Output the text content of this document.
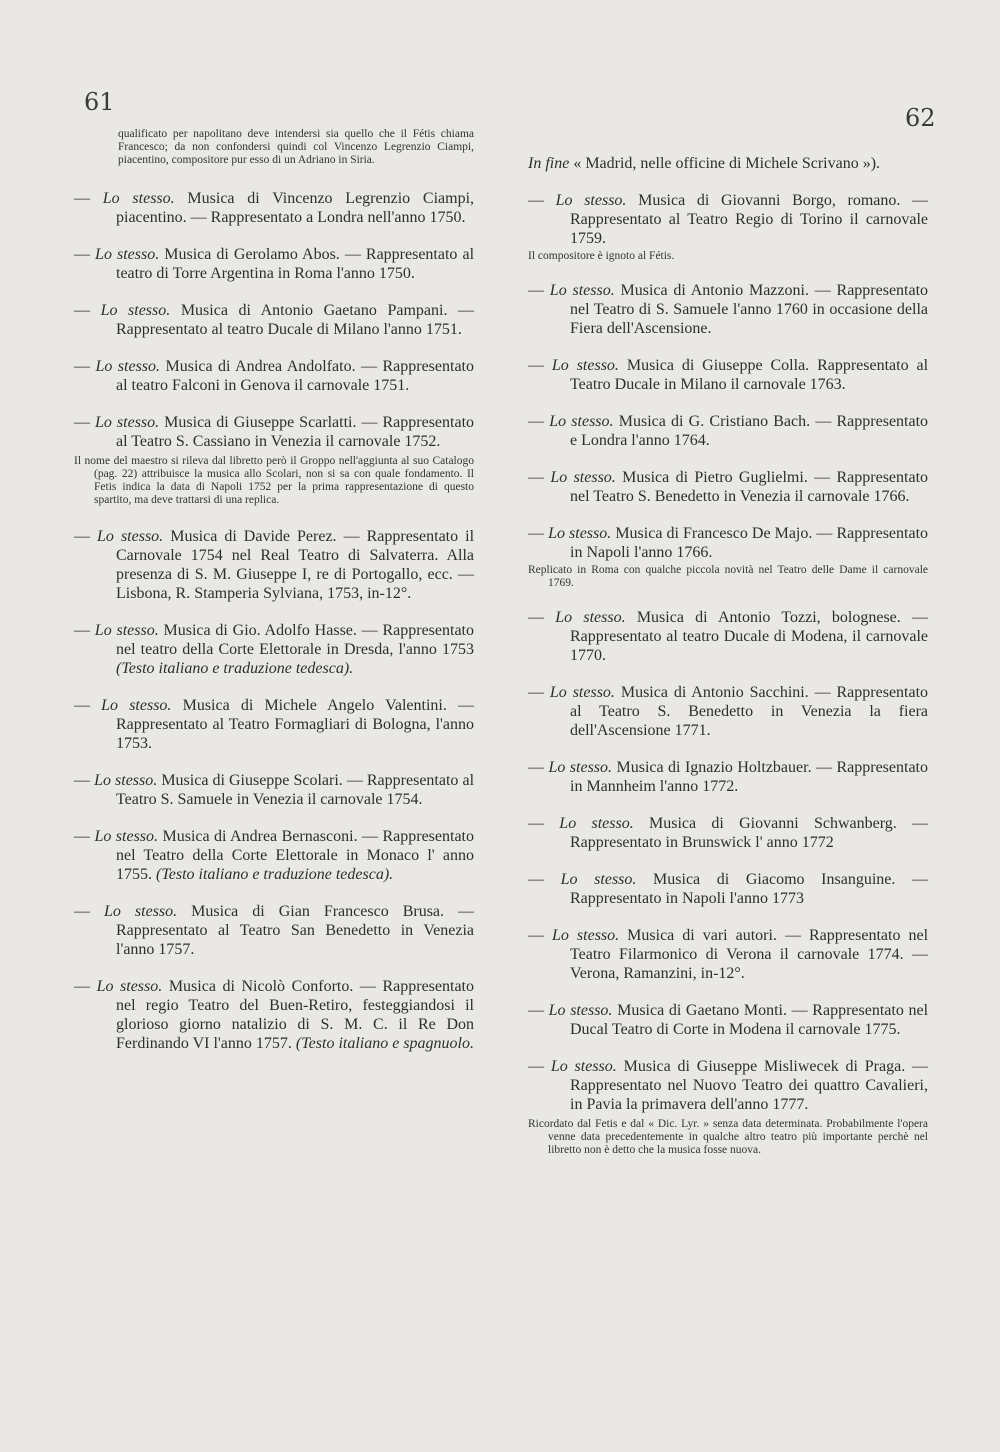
61
62

qualificato per napolitano deve intendersi sia quello che il Fétis chiama Francesco; da non confondersi quindi col Vincenzo Legrenzio Ciampi, piacentino, compositore pur esso di un Adriano in Siria.

— Lo stesso. Musica di Vincenzo Legrenzio Ciampi, piacentino. — Rappresentato a Londra nell'anno 1750.

— Lo stesso. Musica di Gerolamo Abos. — Rappresentato al teatro di Torre Argentina in Roma l'anno 1750.

— Lo stesso. Musica di Antonio Gaetano Pampani. — Rappresentato al teatro Ducale di Milano l'anno 1751.

— Lo stesso. Musica di Andrea Andolfato. — Rappresentato al teatro Falconi in Genova il carnovale 1751.

— Lo stesso. Musica di Giuseppe Scarlatti. — Rappresentato al Teatro S. Cassiano in Venezia il carnovale 1752.

Il nome del maestro si rileva dal libretto però il Groppo nell'aggiunta al suo Catalogo (pag. 22) attribuisce la musica allo Scolari, non si sa con quale fondamento. Il Fetis indica la data di Napoli 1752 per la prima rappresentazione di questo spartito, ma deve trattarsi di una replica.

— Lo stesso. Musica di Davide Perez. — Rappresentato il Carnovale 1754 nel Real Teatro di Salvaterra. Alla presenza di S. M. Giuseppe I, re di Portogallo, ecc. — Lisbona, R. Stamperia Sylviana, 1753, in-12°.

— Lo stesso. Musica di Gio. Adolfo Hasse. — Rappresentato nel teatro della Corte Elettorale in Dresda, l'anno 1753 (Testo italiano e traduzione tedesca).

— Lo stesso. Musica di Michele Angelo Valentini. — Rappresentato al Teatro Formagliari di Bologna, l'anno 1753.

— Lo stesso. Musica di Giuseppe Scolari. — Rappresentato al Teatro S. Samuele in Venezia il carnovale 1754.

— Lo stesso. Musica di Andrea Bernasconi. — Rappresentato nel Teatro della Corte Elettorale in Monaco l' anno 1755. (Testo italiano e traduzione tedesca).

— Lo stesso. Musica di Gian Francesco Brusa. — Rappresentato al Teatro San Benedetto in Venezia l'anno 1757.

— Lo stesso. Musica di Nicolò Conforto. — Rappresentato nel regio Teatro del Buen-Retiro, festeggiandosi il glorioso giorno natalizio di S. M. C. il Re Don Ferdinando VI l'anno 1757. (Testo italiano e spagnuolo.

In fine « Madrid, nelle officine di Michele Scrivano »).

— Lo stesso. Musica di Giovanni Borgo, romano. — Rappresentato al Teatro Regio di Torino il carnovale 1759.

Il compositore è ignoto al Fétis.

— Lo stesso. Musica di Antonio Mazzoni. — Rappresentato nel Teatro di S. Samuele l'anno 1760 in occasione della Fiera dell'Ascensione.

— Lo stesso. Musica di Giuseppe Colla. Rappresentato al Teatro Ducale in Milano il carnovale 1763.

— Lo stesso. Musica di G. Cristiano Bach. — Rappresentato e Londra l'anno 1764.

— Lo stesso. Musica di Pietro Guglielmi. — Rappresentato nel Teatro S. Benedetto in Venezia il carnovale 1766.

— Lo stesso. Musica di Francesco De Majo. — Rappresentato in Napoli l'anno 1766.

Replicato in Roma con qualche piccola novità nel Teatro delle Dame il carnovale 1769.

— Lo stesso. Musica di Antonio Tozzi, bolognese. — Rappresentato al teatro Ducale di Modena, il carnovale 1770.

— Lo stesso. Musica di Antonio Sacchini. — Rappresentato al Teatro S. Benedetto in Venezia la fiera dell'Ascensione 1771.

— Lo stesso. Musica di Ignazio Holtzbauer. — Rappresentato in Mannheim l'anno 1772.

— Lo stesso. Musica di Giovanni Schwanberg. — Rappresentato in Brunswick l' anno 1772

— Lo stesso. Musica di Giacomo Insanguine. — Rappresentato in Napoli l'anno 1773

— Lo stesso. Musica di vari autori. — Rappresentato nel Teatro Filarmonico di Verona il carnovale 1774. — Verona, Ramanzini, in-12°.

— Lo stesso. Musica di Gaetano Monti. — Rappresentato nel Ducal Teatro di Corte in Modena il carnovale 1775.

— Lo stesso. Musica di Giuseppe Misliwecek di Praga. — Rappresentato nel Nuovo Teatro dei quattro Cavalieri, in Pavia la primavera dell'anno 1777.

Ricordato dal Fetis e dal « Dic. Lyr. » senza data determinata. Probabilmente l'opera venne data precedentemente in qualche altro teatro più importante perchè nel libretto non è detto che la musica fosse nuova.
